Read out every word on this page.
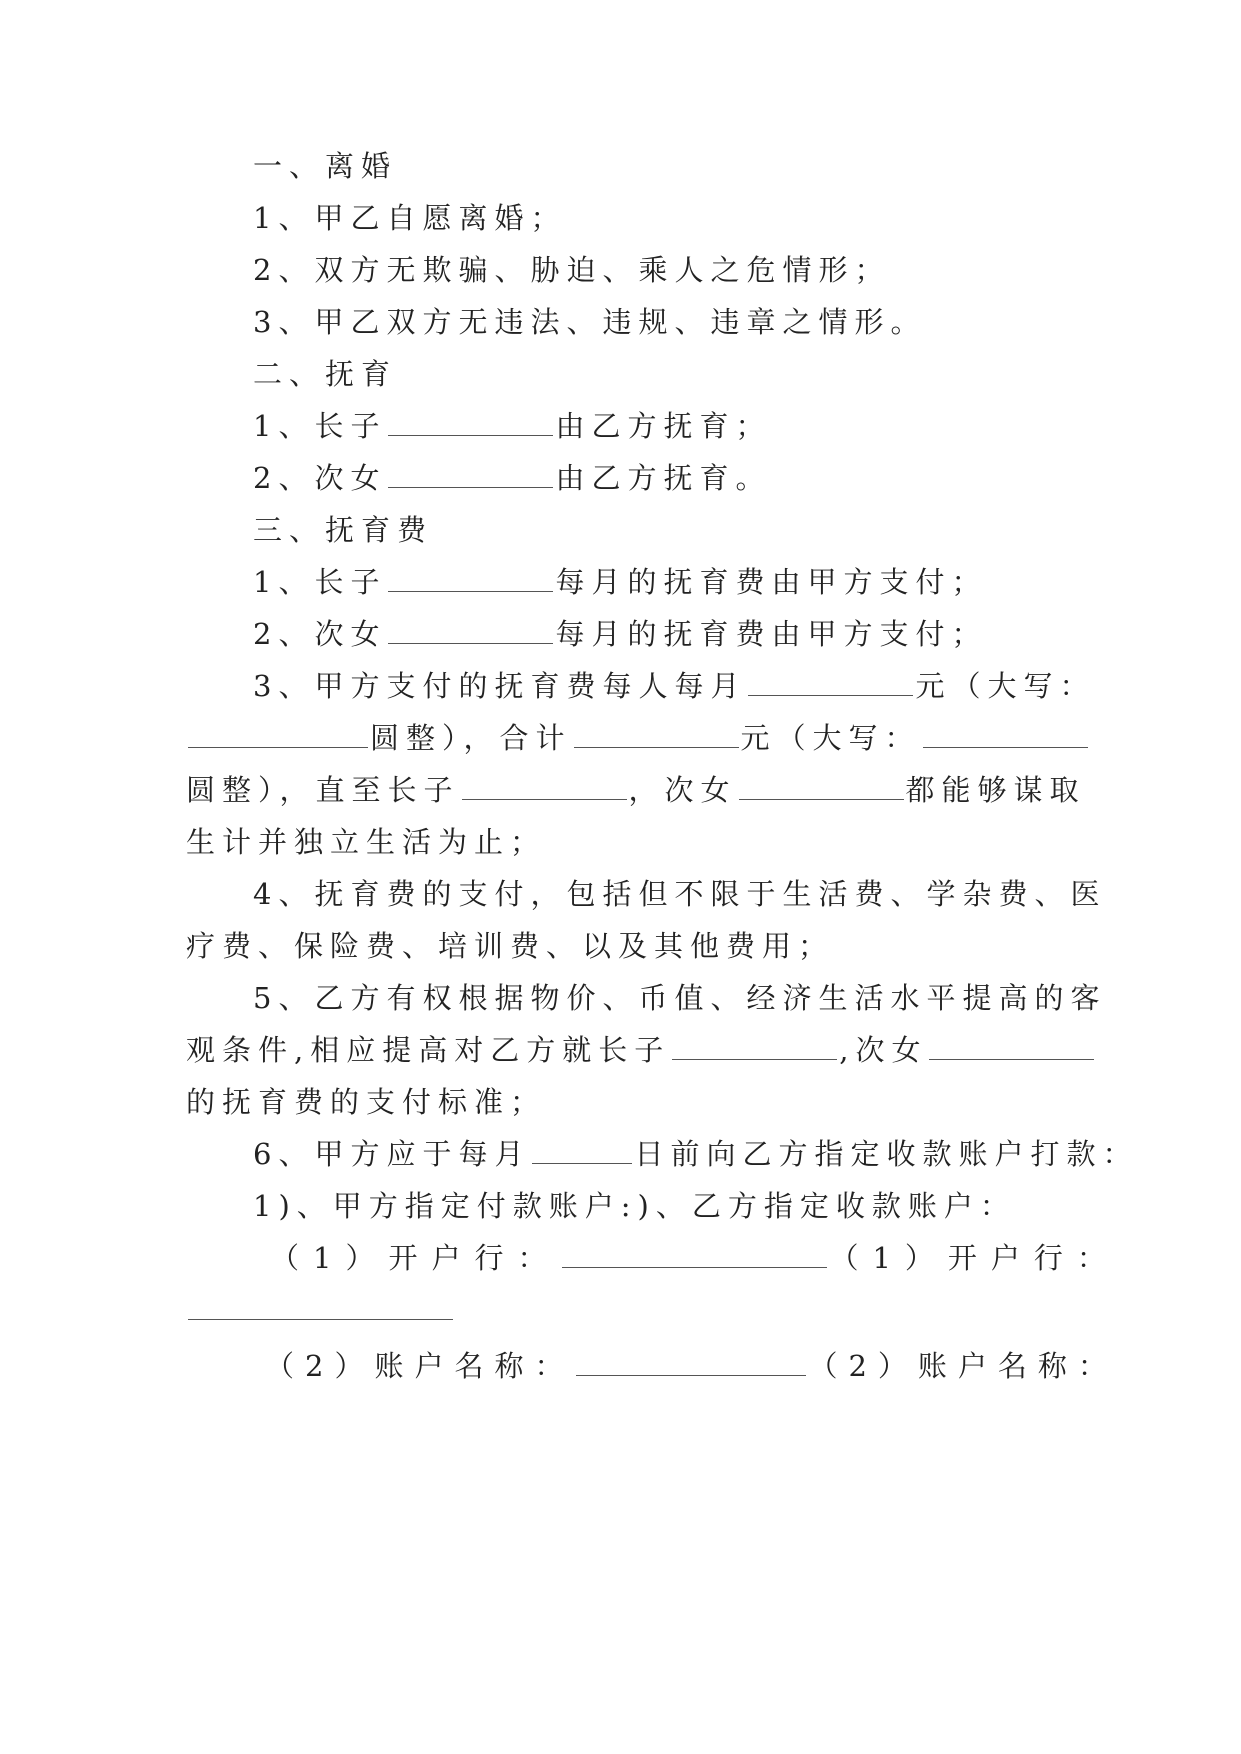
一、离婚
1、甲乙自愿离婚；
2、双方无欺骗、胁迫、乘人之危情形；
3、甲乙双方无违法、违规、违章之情形。
二、抚育
1、长子	由乙方抚育；
2、次女	由乙方抚育。
三、抚育费
1、长子	每月的抚育费由甲方支付；
2、次女	每月的抚育费由甲方支付；
3、甲方支付的抚育费每人每月	元（大写：
圆整），合计	元（大写：
圆整），直至长子	，次女	都能够谋取
生计并独立生活为止；
4、抚育费的支付，包括但不限于生活费、学杂费、医
疗费、保险费、培训费、以及其他费用；
5、乙方有权根据物价、币值、经济生活水平提高的客
观条件,相应提高对乙方就长子	,次女
的抚育费的支付标准；
6、甲方应于每月	日前向乙方指定收款账户打款：
1)、甲方指定付款账户:)、乙方指定收款账户：
（1）开户行：	（1）开户行：
（2）账户名称：	（2）账户名称：
